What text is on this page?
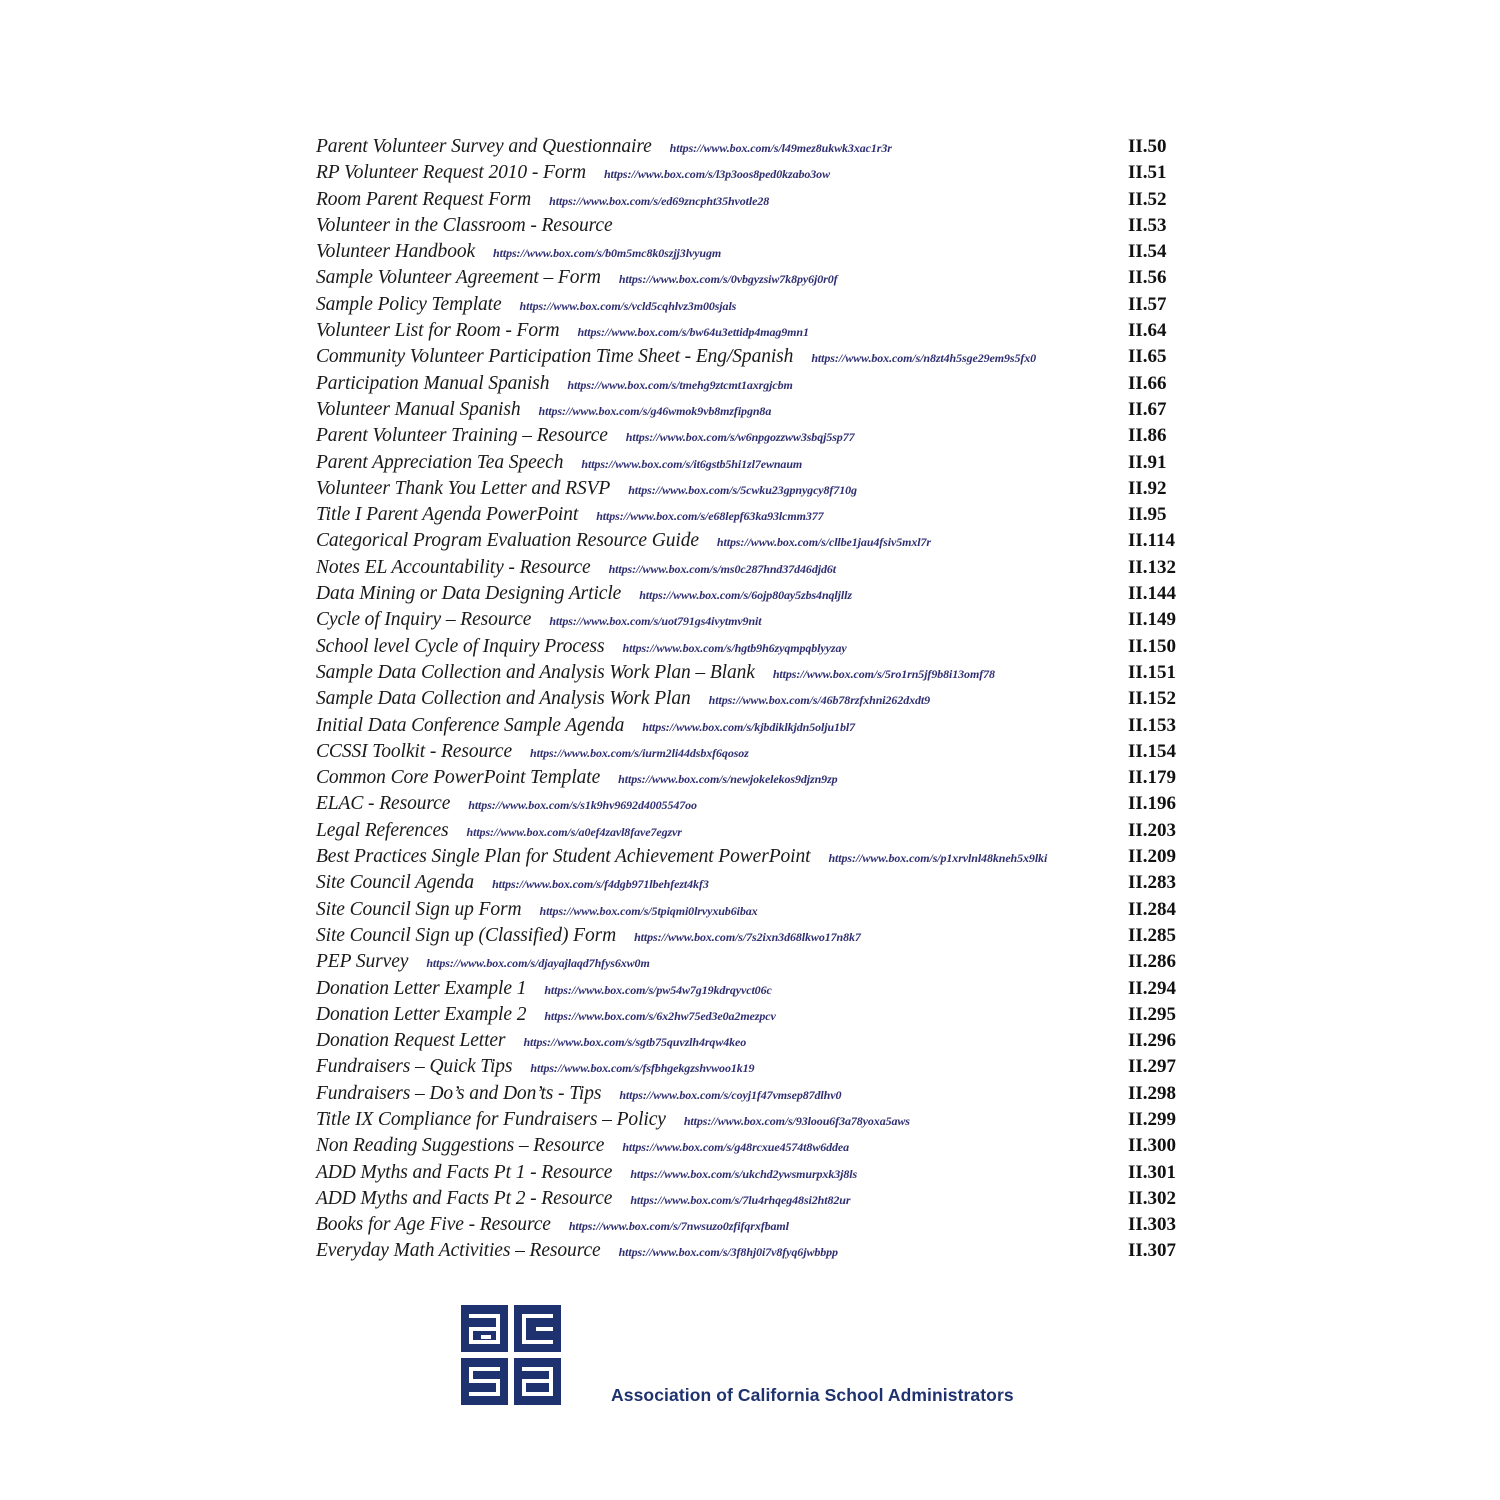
Parent Volunteer Survey and Questionnaire https://www.box.com/s/l49mez8ukwk3xac1r3r	II.50
RP Volunteer Request 2010 - Form https://www.box.com/s/l3p3oos8ped0kzabo3ow	II.51
Room Parent Request Form https://www.box.com/s/ed69zncpht35hvotle28	II.52
Volunteer in the Classroom - Resource	II.53
Volunteer Handbook https://www.box.com/s/b0m5mc8k0szjj3lvyugm	II.54
Sample Volunteer Agreement – Form https://www.box.com/s/0vbgyzsiw7k8py6j0r0f	II.56
Sample Policy Template https://www.box.com/s/vcld5cqhlvz3m00sjals	II.57
Volunteer List for Room - Form https://www.box.com/s/bw64u3ettidp4mag9mn1	II.64
Community Volunteer Participation Time Sheet - Eng/Spanish https://www.box.com/s/n8zt4h5sge29em9s5fx0	II.65
Participation Manual Spanish https://www.box.com/s/tmehg9ztcmt1axrgjcbm	II.66
Volunteer Manual Spanish https://www.box.com/s/g46wmok9vb8mzfipgn8a	II.67
Parent Volunteer Training – Resource https://www.box.com/s/w6npgozzww3sbqj5sp77	II.86
Parent Appreciation Tea Speech https://www.box.com/s/it6gstb5hi1zl7ewnaum	II.91
Volunteer Thank You Letter and RSVP https://www.box.com/s/5cwku23gpnygcy8f710g	II.92
Title I Parent Agenda PowerPoint https://www.box.com/s/e68lepf63ka93lcmm377	II.95
Categorical Program Evaluation Resource Guide https://www.box.com/s/cllbe1jau4fsiv5mxl7r	II.114
Notes EL Accountability - Resource https://www.box.com/s/ms0c287hnd37d46djd6t	II.132
Data Mining or Data Designing Article https://www.box.com/s/6ojp80ay5zbs4nqljllz	II.144
Cycle of Inquiry – Resource https://www.box.com/s/uot791gs4ivytmv9nit	II.149
School level Cycle of Inquiry Process https://www.box.com/s/hgtb9h6zyqmpqblyyzay	II.150
Sample Data Collection and Analysis Work Plan – Blank https://www.box.com/s/5ro1rn5jf9b8i13omf78	II.151
Sample Data Collection and Analysis Work Plan https://www.box.com/s/46b78rzfxhni262dxdt9	II.152
Initial Data Conference Sample Agenda https://www.box.com/s/kjbdiklkjdn5olju1bl7	II.153
CCSSI Toolkit - Resource https://www.box.com/s/iurm2li44dsbxf6qosoz	II.154
Common Core PowerPoint Template https://www.box.com/s/newjokelekos9djzn9zp	II.179
ELAC - Resource https://www.box.com/s/s1k9hv9692d4005547oo	II.196
Legal References https://www.box.com/s/a0ef4zavl8fave7egzvr	II.203
Best Practices Single Plan for Student Achievement PowerPoint https://www.box.com/s/p1xrvlnl48kneh5x9lki	II.209
Site Council Agenda https://www.box.com/s/f4dgb971lbehfezt4kf3	II.283
Site Council Sign up Form https://www.box.com/s/5tpiqmi0lrvyxub6ibax	II.284
Site Council Sign up (Classified) Form https://www.box.com/s/7s2ixn3d68lkwo17n8k7	II.285
PEP Survey https://www.box.com/s/djayajlaqd7hfys6xw0m	II.286
Donation Letter Example 1 https://www.box.com/s/pw54w7g19kdrqyvct06c	II.294
Donation Letter Example 2 https://www.box.com/s/6x2hw75ed3e0a2mezpcv	II.295
Donation Request Letter https://www.box.com/s/sgtb75quvzlh4rqw4keo	II.296
Fundraisers – Quick Tips https://www.box.com/s/fsfbhgekgzshvwoo1k19	II.297
Fundraisers – Do’s and Don’ts - Tips https://www.box.com/s/coyj1f47vmsep87dlhv0	II.298
Title IX Compliance for Fundraisers – Policy https://www.box.com/s/93loou6f3a78yoxa5aws	II.299
Non Reading Suggestions – Resource https://www.box.com/s/g48rcxue4574t8w6ddea	II.300
ADD Myths and Facts Pt 1 - Resource https://www.box.com/s/ukchd2ywsmurpxk3j8ls	II.301
ADD Myths and Facts Pt 2 - Resource https://www.box.com/s/7lu4rhqeg48si2ht82ur	II.302
Books for Age Five - Resource https://www.box.com/s/7nwsuzo0zfifqrxfbaml	II.303
Everyday Math Activities – Resource https://www.box.com/s/3f8hj0i7v8fyq6jwbbpp	II.307
Association of California School Administrators
